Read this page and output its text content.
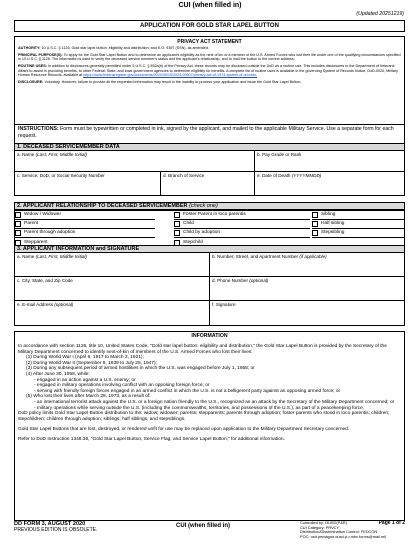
CUI (when filled in)
(Updated 20251219)
APPLICATION FOR GOLD STAR LAPEL BUTTON
PRIVACY ACT STATEMENT

AUTHORITY: 10 U.S.C. § 1126, Gold star lapel button: eligibility and distribution; and E.O. 9397 (SSN), as amended.

PRINCIPAL PURPOSE(S): To apply for the Gold Star Lapel Button and to determine an applicant's eligibility as the next of kin of a member of the U.S. Armed Forces who lost their life under one of the qualifying circumstances specified in 10 U.S.C. § 1126. The information is used to verify the deceased service member's status and the applicant's relationship, and to mail the button to the correct address.

ROUTINE USES: In addition to disclosures generally permitted under 5 U.S.C. § 552a(b) of the Privacy Act, these records may be disclosed outside the DoD as a routine use. This includes disclosures to the Department of Veterans Affairs to assist in providing benefits, to other Federal, State, and local government agencies to determine eligibility for benefits. A complete list of routine uses is available in the governing System of Records Notice, DoD-0020, Military Human Resource Records, available at https://www.federalregister.gov/documents/2024/05/15/2024-09907/privacy-act-of-1974-system-of-records.

DISCLOSURE: Voluntary. However, failure to provide all the requested information may result in the inability to process your application and issue the Gold Star Lapel Button.

INSTRUCTIONS: Form must be typewritten or completed in ink, signed by the applicant, and mailed to the applicable Military Service. Use a separate form for each request.
1. DECEASED SERVICEMEMBER DATA
a. Name (Last, First, Middle Initial)	b. Pay Grade or Rank
c. Service, DoD, or Social Security Number	d. Branch of Service	e. Date of Death (YYYYMMDD)
2. APPLICANT RELATIONSHIP TO DECEASED SERVICEMEMBER (check one)
Widow / Widower
Parent
Parent through adoption
Stepparent
Foster Parent in loco parentis
Child
Child by adoption
Stepchild
Sibling
Half sibling
Stepsibling
3. APPLICANT INFORMATION and SIGNATURE
a. Name (Last, First, Middle Initial)	b. Number, Street, and Apartment Number (if applicable)
c. City, State, and Zip Code	d. Phone Number (optional)
e. E-mail Address (optional)	f. Signature
INFORMATION

In accordance with section 1126, title 10, United States Code, "Gold star lapel button: eligibility and distribution," the Gold Star Lapel Button is provided by the Secretary of the Military Department concerned to identify next-of-kin of members of the U.S. Armed Forces who lost their lives:

(1) During World War I (April 6, 1917 to March 3, 1921);

(2) During World War II (September 8, 1939 to July 25, 1947);

(3) During any subsequent period of armed hostilities in which the U.S. was engaged before July 1, 1958; or

(4) After June 30, 1958, while:

- engaged in an action against a U.S. enemy; or

- engaged in military operations involving conflict with an opposing foreign force; or

- serving with friendly foreign forces engaged in an armed conflict in which the U.S. is not a belligerent party against an opposing armed force; or

(5) Who lost their lives after March 28, 1973, as a result of:

- an international terrorist attack against the U.S. or a foreign nation friendly to the U.S., recognized as an attack by the Secretary of the Military Department concerned; or

- military operations while serving outside the U.S. (including the commonwealths, territories, and possessions of the U.S.), as part of a peacekeeping force.

DoD policy limits Gold Star Lapel Button distribution to the: widow; widower; parents; stepparents; parents through adoption; foster parents who stood in loco parentis; children; stepchildren; children through adoption; siblings; half siblings, and stepsiblings.

Gold Star Lapel Buttons that are lost, destroyed, or rendered unfit for use may be replaced upon application to the Military Department Secretary concerned.

Refer to DoD Instruction 1348.36, "Gold Star Lapel Button, Service Flag, and Service Lapel Button," for additional information.

DD FORM 3, AUGUST 2020
PREVIOUS EDITION IS OBSOLETE.
CUI (when filled in)
Controlled by: OUSD(P&R)
CUI Category: PRVCY
Distribution/Dissemination Control: FEDCON
POC: osd.pentagon.ousd-p-r.mbx.forms@mail.mil
Page 1 of 2
